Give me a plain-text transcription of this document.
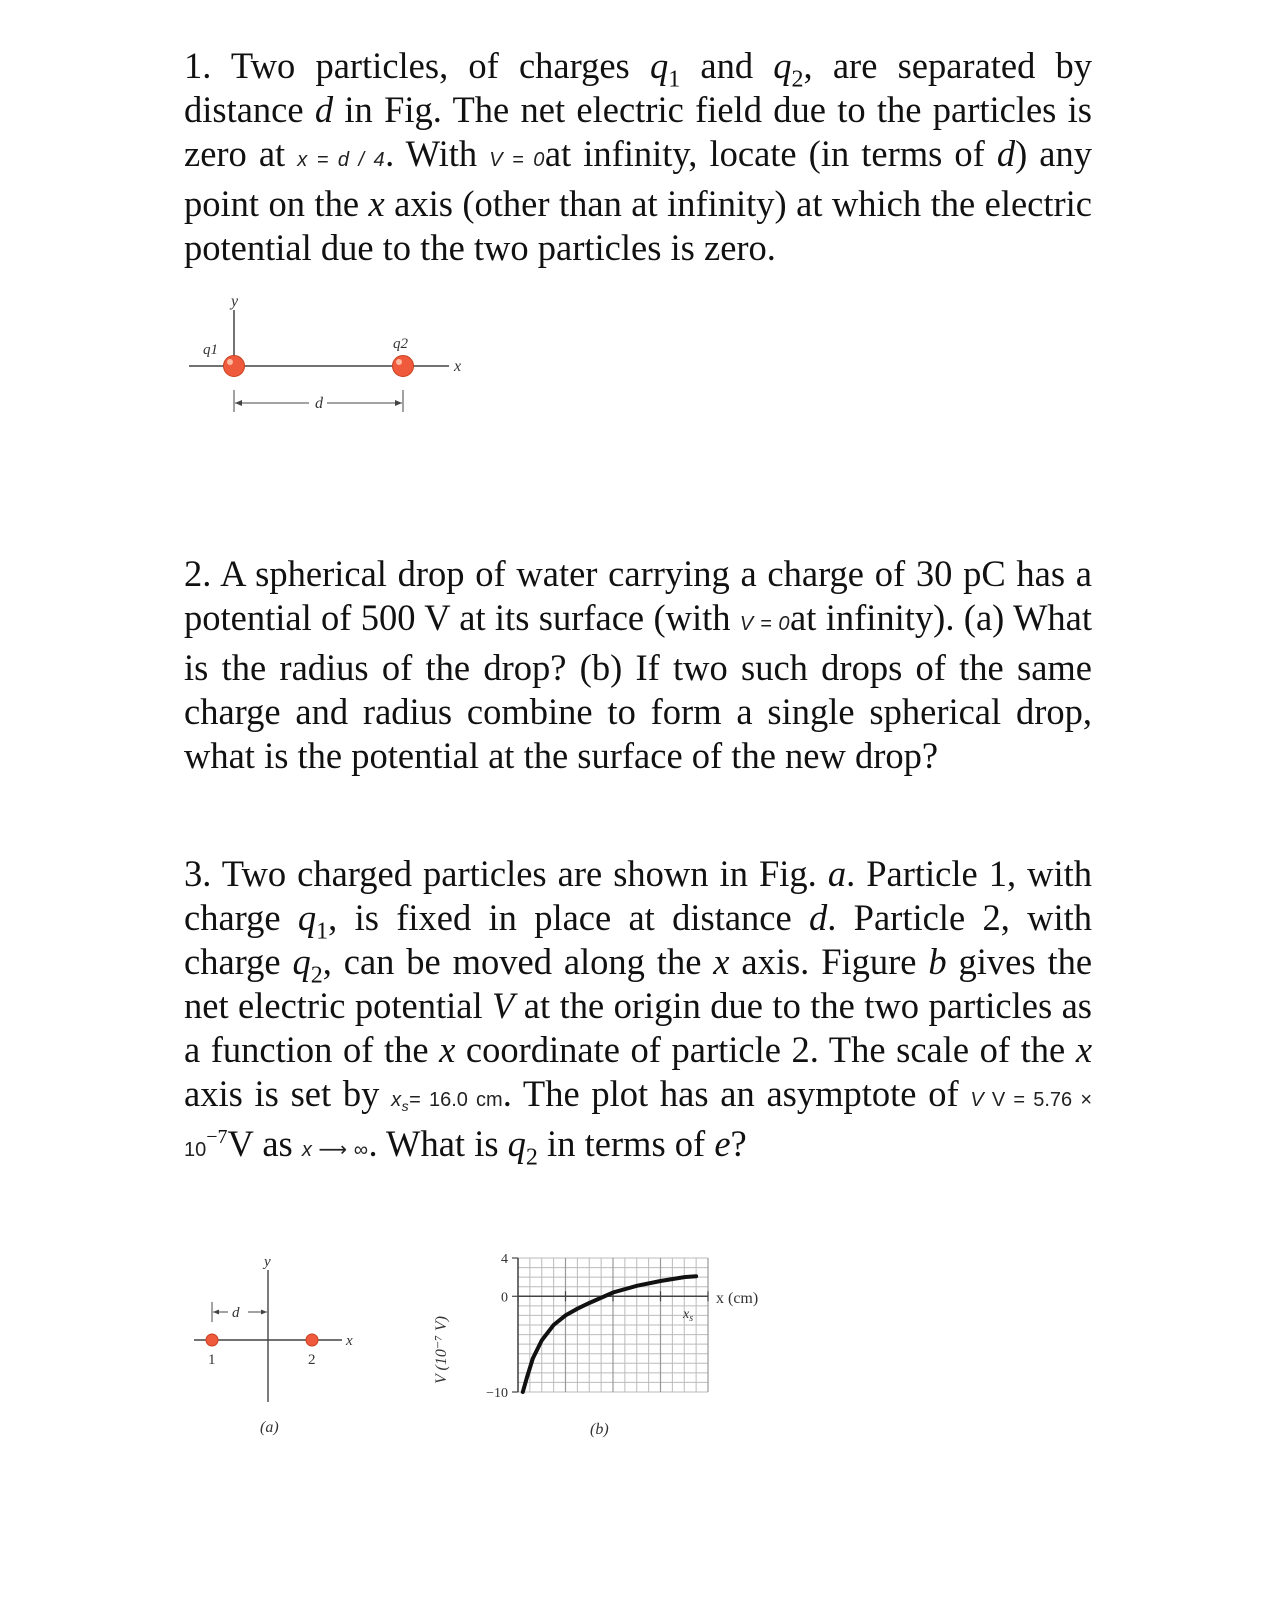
1. Two particles, of charges $q_1$ and $q_2$, are separated by distance d in Fig. The net electric field due to the particles is zero at x = d / 4. With V = 0at infinity, locate (in terms of d) any point on the x axis (other than at infinity) at which the electric potential due to the two particles is zero.
y
x
q1	q2
d
2. A spherical drop of water carrying a charge of 30 pC has a potential of 500 V at its surface (with V = 0at infinity). (a) What is the radius of the drop? (b) If two such drops of the same charge and radius combine to form a single spherical drop, what is the potential at the surface of the new drop?
3. Two charged particles are shown in Fig. a. Particle 1, with charge $q_1$, is fixed in place at distance d. Particle 2, with charge $q_2$, can be moved along the x axis. Figure b gives the net electric potential V at the origin due to the two particles as a function of the x coordinate of particle 2. The scale of the x axis is set by $x_s= 16.0$ cm. The plot has an asymptote of V $V = 5.76 \times 10^{-7}V$ as x ⟶ ∞. What is $q_2$ in terms of e?
y
x
d
1	2
(a)
4
0
−10
V (10⁻⁷ V)
x (cm)
(b)
$x_s$
